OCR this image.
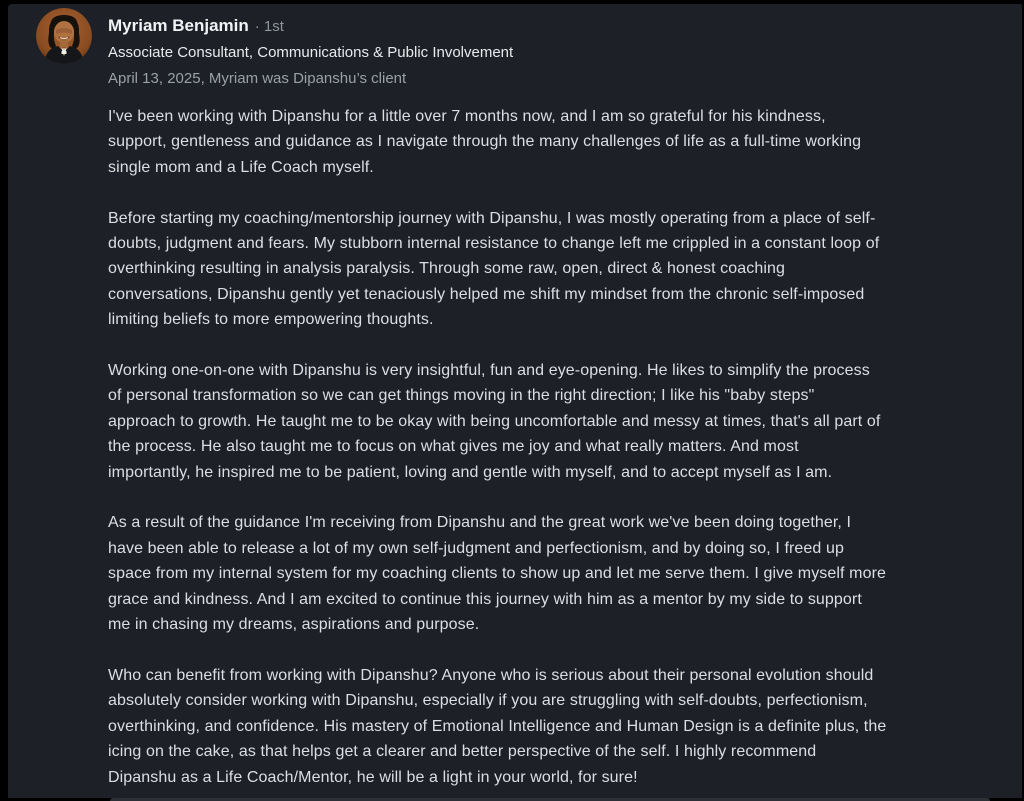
Myriam Benjamin · 1st
Associate Consultant, Communications & Public Involvement
April 13, 2025, Myriam was Dipanshu’s client

I've been working with Dipanshu for a little over 7 months now, and I am so grateful for his kindness,
support, gentleness and guidance as I navigate through the many challenges of life as a full-time working
single mom and a Life Coach myself.

Before starting my coaching/mentorship journey with Dipanshu, I was mostly operating from a place of self-
doubts, judgment and fears. My stubborn internal resistance to change left me crippled in a constant loop of
overthinking resulting in analysis paralysis. Through some raw, open, direct & honest coaching
conversations, Dipanshu gently yet tenaciously helped me shift my mindset from the chronic self-imposed
limiting beliefs to more empowering thoughts.

Working one-on-one with Dipanshu is very insightful, fun and eye-opening. He likes to simplify the process
of personal transformation so we can get things moving in the right direction; I like his "baby steps"
approach to growth. He taught me to be okay with being uncomfortable and messy at times, that's all part of
the process. He also taught me to focus on what gives me joy and what really matters. And most
importantly, he inspired me to be patient, loving and gentle with myself, and to accept myself as I am.

As a result of the guidance I'm receiving from Dipanshu and the great work we've been doing together, I
have been able to release a lot of my own self-judgment and perfectionism, and by doing so, I freed up
space from my internal system for my coaching clients to show up and let me serve them. I give myself more
grace and kindness. And I am excited to continue this journey with him as a mentor by my side to support
me in chasing my dreams, aspirations and purpose.

Who can benefit from working with Dipanshu? Anyone who is serious about their personal evolution should
absolutely consider working with Dipanshu, especially if you are struggling with self-doubts, perfectionism,
overthinking, and confidence. His mastery of Emotional Intelligence and Human Design is a definite plus, the
icing on the cake, as that helps get a clearer and better perspective of the self. I highly recommend
Dipanshu as a Life Coach/Mentor, he will be a light in your world, for sure!
